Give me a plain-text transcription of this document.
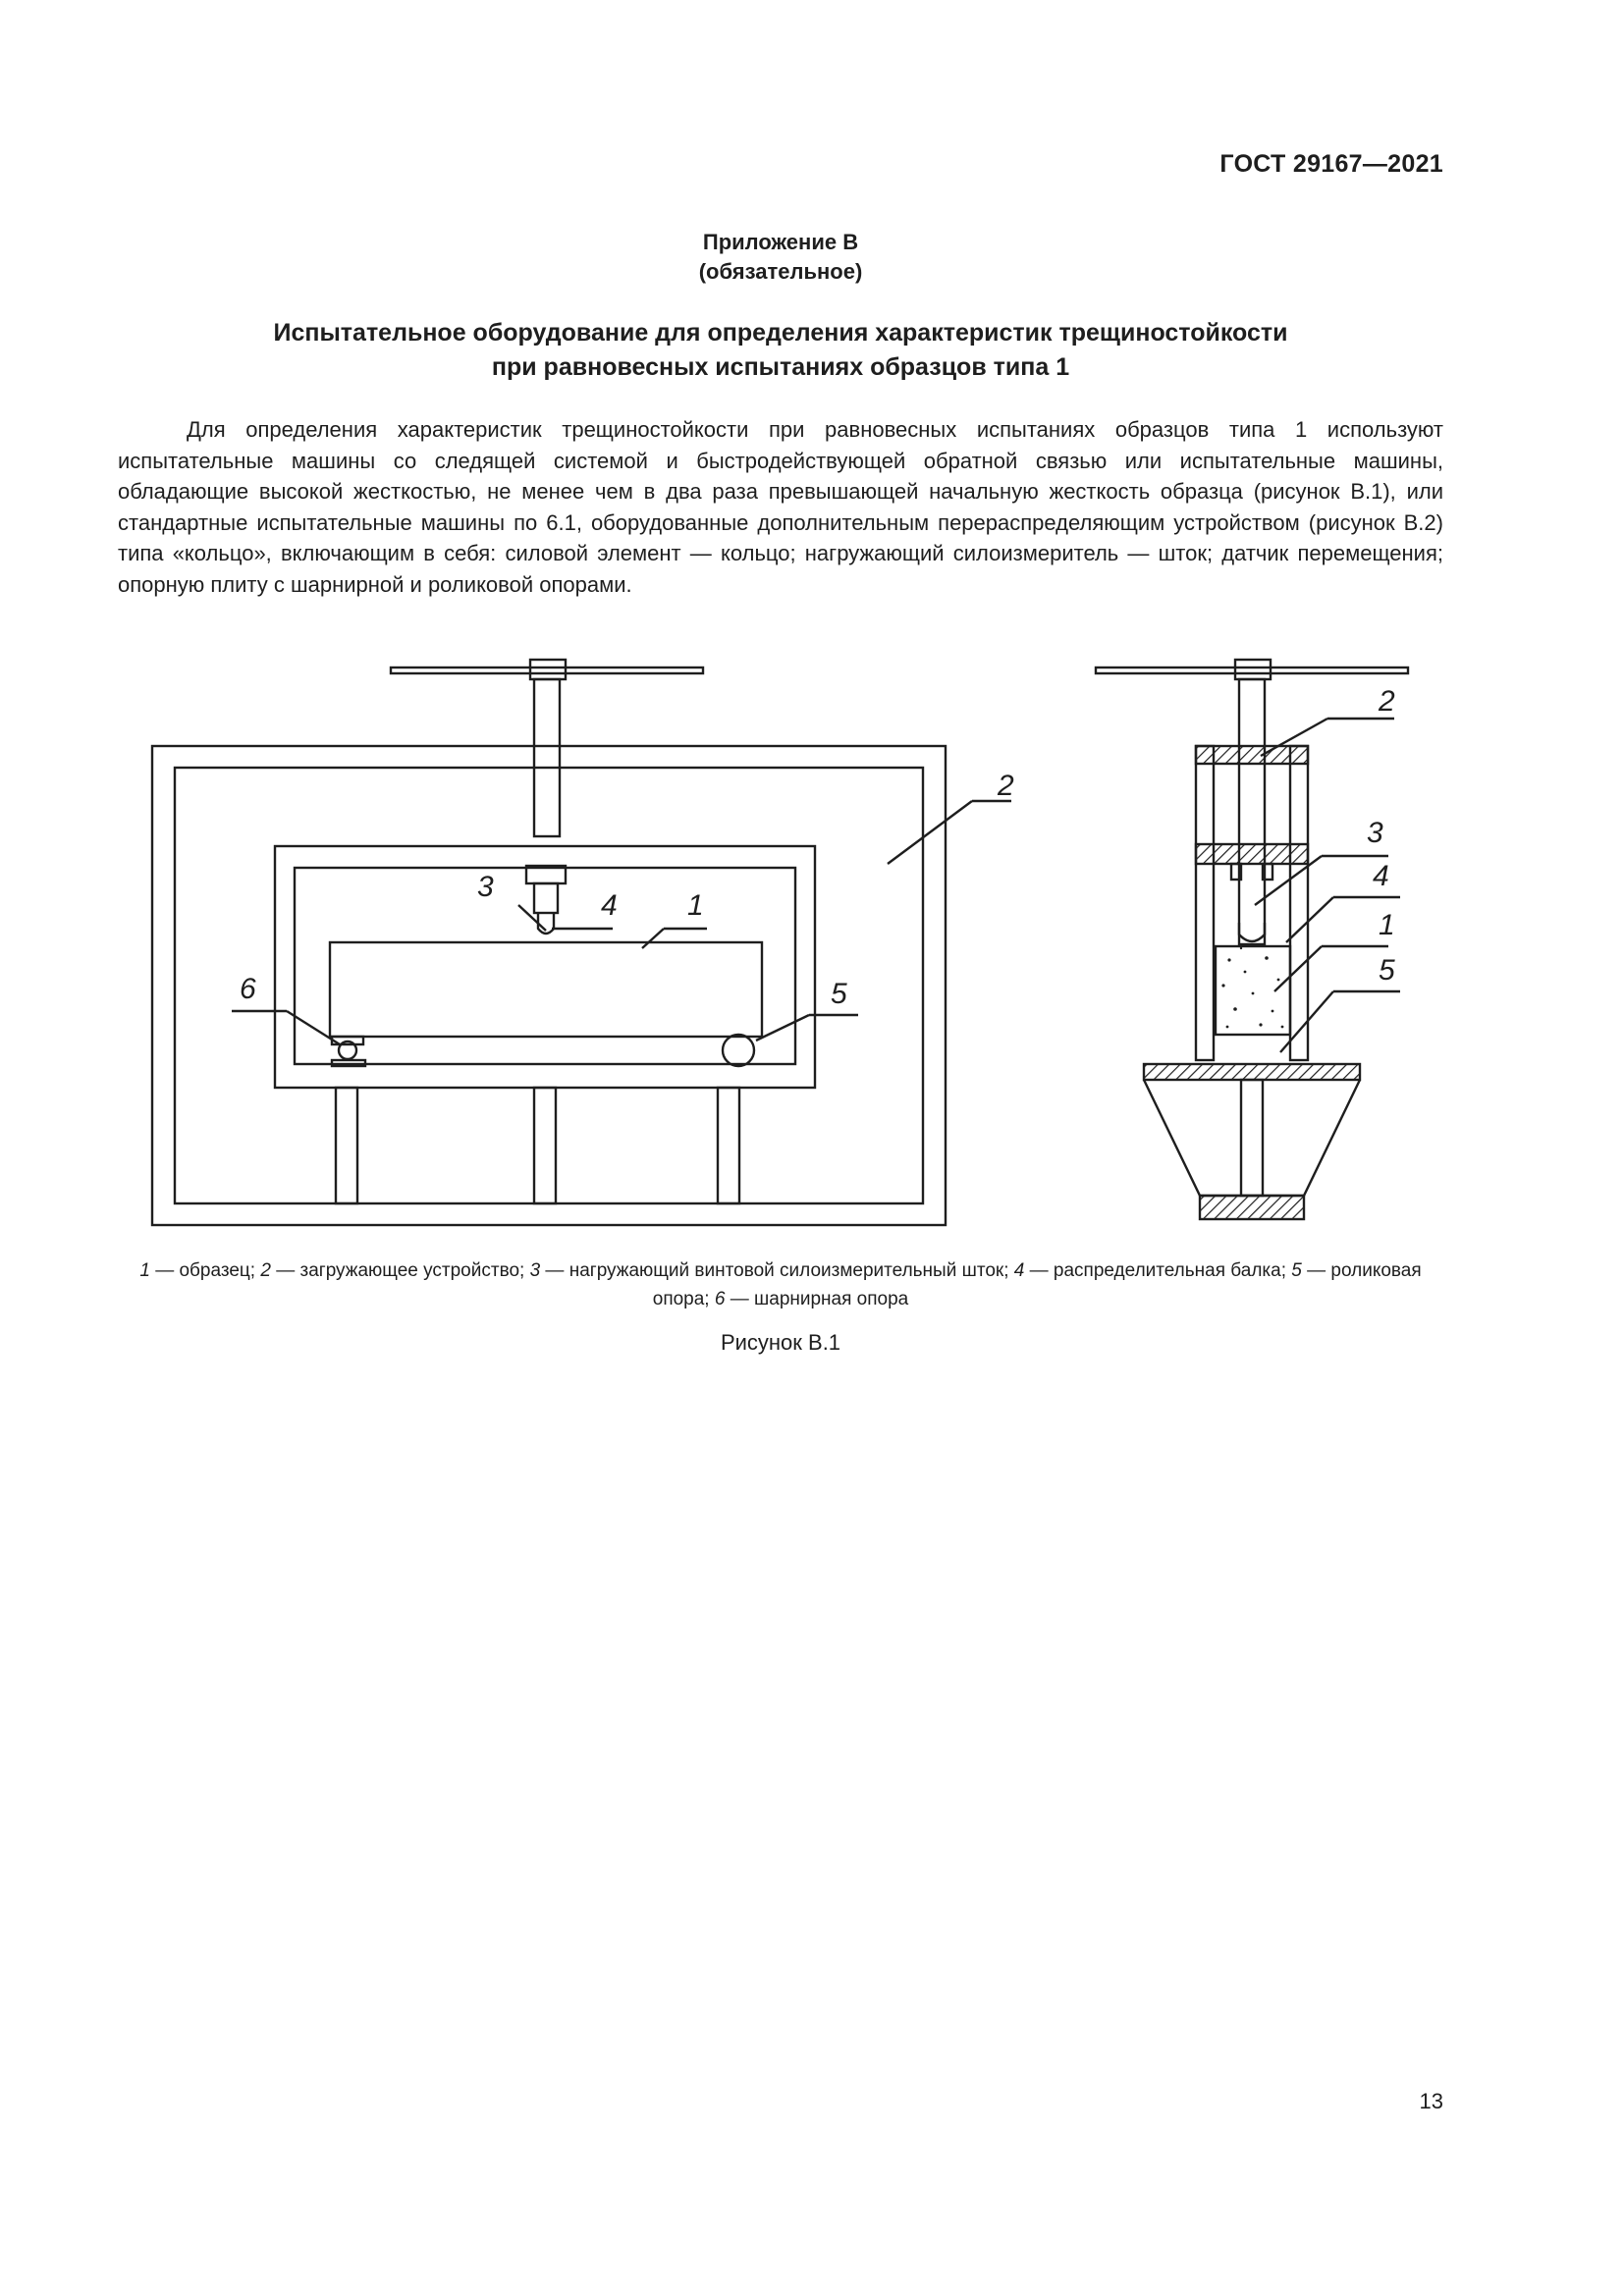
ГОСТ 29167—2021
Приложение В
(обязательное)
Испытательное оборудование для определения характеристик трещиностойкости
при равновесных испытаниях образцов типа 1

Для определения характеристик трещиностойкости при равновесных испытаниях образцов типа 1 используют испытательные машины со следящей системой и быстродействующей обратной связью или испытательные машины, обладающие высокой жесткостью, не менее чем в два раза превышающей начальную жесткость образца (рисунок В.1), или стандартные испытательные машины по 6.1, оборудованные дополнительным перераспределяющим устройством (рисунок В.2) типа «кольцо», включающим в себя: силовой элемент — кольцо; нагружающий силоизмеритель — шток; датчик перемещения; опорную плиту с шарнирной и роликовой опорами.

2
3
4 1
6	5
2
3
4
1
5
1 — образец; 2 — загружающее устройство; 3 — нагружающий винтовой силоизмерительный шток; 4 — распределительная балка; 5 — роликовая опора; 6 — шарнирная опора
Рисунок В.1
13
